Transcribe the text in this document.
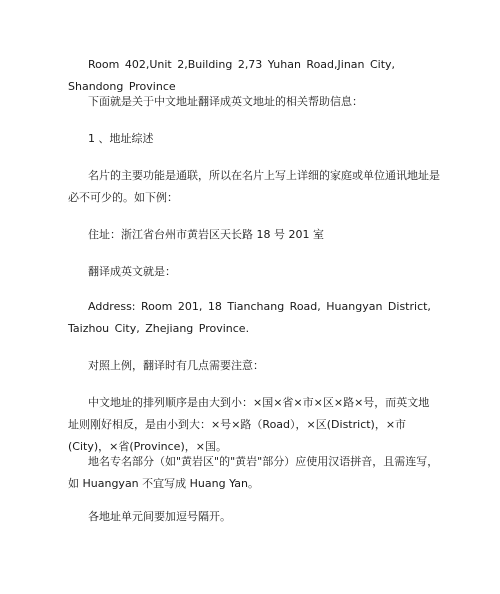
Room 402,Unit 2,Building 2,73 Yuhan Road,Jinan City, Shandong Province
下面就是关于中文地址翻译成英文地址的相关帮助信息：
1 、地址综述
名片的主要功能是通联，所以在名片上写上详细的家庭或单位通讯地址是必不可少的。如下例：
住址：浙江省台州市黄岩区天长路 18 号 201 室
翻译成英文就是：
Address: Room 201, 18 Tianchang Road, Huangyan District, Taizhou City, Zhejiang Province.
对照上例，翻译时有几点需要注意：
中文地址的排列顺序是由大到小：×国×省×市×区×路×号，而英文地址则刚好相反，是由小到大：×号×路（Road），×区(District)，×市(City)，×省(Province)，×国。
地名专名部分（如"黄岩区"的"黄岩"部分）应使用汉语拼音，且需连写，如 Huangyan 不宜写成 Huang Yan。
各地址单元间要加逗号隔开。
